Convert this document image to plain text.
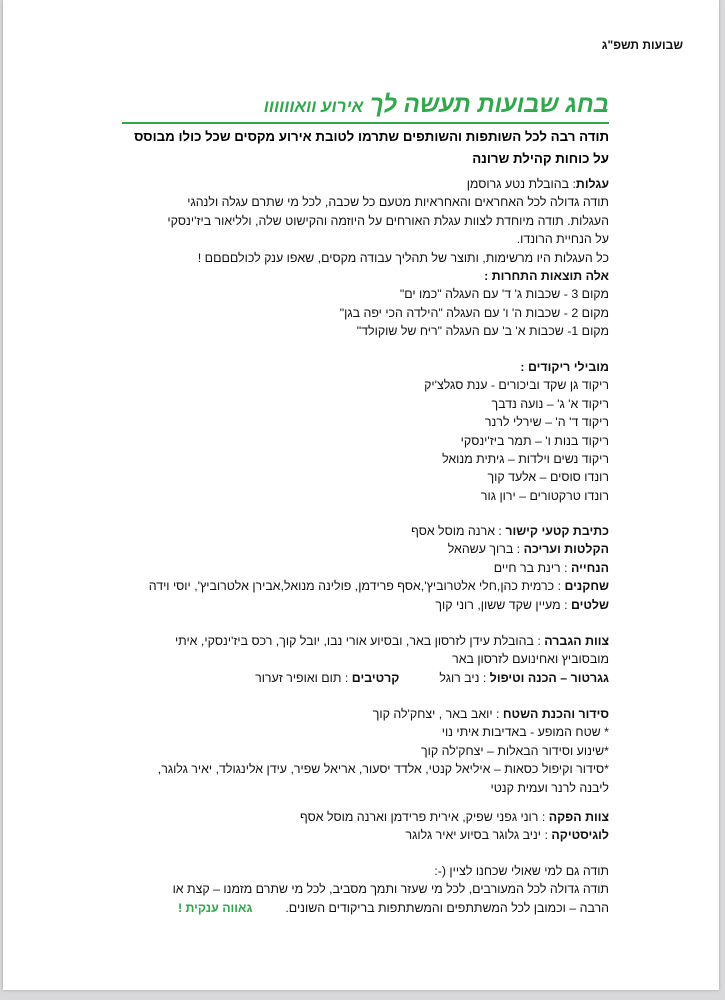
שבועות תשפ"ג
בחג שבועות תעשה לך אירוע וואוווווו
תודה רבה לכל השותפות והשותפים שתרמו לטובת אירוע מקסים שכל כולו מבוסס על כוחות קהילת שרונה

עגלות: בהובלת נטע גרוסמן

תודה גדולה לכל האחראים והאחראיות מטעם כל שכבה, לכל מי שתרם עגלה ולנהגי

העגלות. תודה מיוחדת לצוות עגלת האורחים על היוזמה והקישוט שלה, ולליאור ביז'ינסקי

על הנחיית הרונדו.

כל העגלות היו מרשימות, ותוצר של תהליך עבודה מקסים, שאפו ענק לכולםםםם !

אלה תוצאות התחרות :

מקום 3 - שכבות ג' ד' עם העגלה "כמו ים"

מקום 2 - שכבות ה' ו' עם העגלה "הילדה הכי יפה בגן"

מקום 1- שכבות א' ב' עם העגלה "ריח של שוקולד"

מובילי ריקודים :

ריקוד גן שקד וביכורים - ענת סגלצ'יק

ריקוד א' ג' – נועה נדבך

ריקוד ד' ה' – שירלי לרנר

ריקוד בנות ו' – תמר ביז'ינסקי

ריקוד נשים וילדות – גיתית מנואל

רונדו סוסים – אלעד קוך

רונדו טרקטורים – ירון גור

כתיבת קטעי קישור : ארנה מוסל אסף

הקלטות ועריכה : ברוך עשהאל

הנחייה : רינת בר חיים

שחקנים : כרמית כהן,חלי אלטרוביץ',אסף פרידמן, פולינה מנואל,אבירן אלטרוביץ', יוסי וידה

שלטים : מעיין שקד ששון, רוני קוך

צוות הגברה : בהובלת עידן לזרסון באר, ובסיוע אורי נבו, יובל קוך, רכס ביז'ינסקי, איתי

מובסוביץ ואחינועם לזרסון באר

גגרטור – הכנה וטיפול : ניב רוגל
קרטיבים : תום ואופיר זערור

סידור והכנת השטח : יואב באר , יצחק'לה קוך

* שטח המופע - באדיבות איתי נוי

*שינוע וסידור הבאלות – יצחק'לה קוך

*סידור וקיפול כסאות – איליאל קנטי, אלדד יסעור, אריאל שפיר, עידן אלינגולד, יאיר גלוגר,

ליבנה לרנר ועמית קנטי

צוות הפקה : רוני גפני שפיק, אירית פרידמן וארנה מוסל אסף

לוגיסטיקה : יניב גלוגר בסיוע יאיר גלוגר

תודה גם למי שאולי שכחנו לציין (-:

תודה גדולה לכל המעורבים, לכל מי שעזר ותמך מסביב, לכל מי שתרם מזמנו – קצת או

הרבה – וכמובן לכל המשתתפים והמשתתפות בריקודים השונים.  גאווה ענקית !
